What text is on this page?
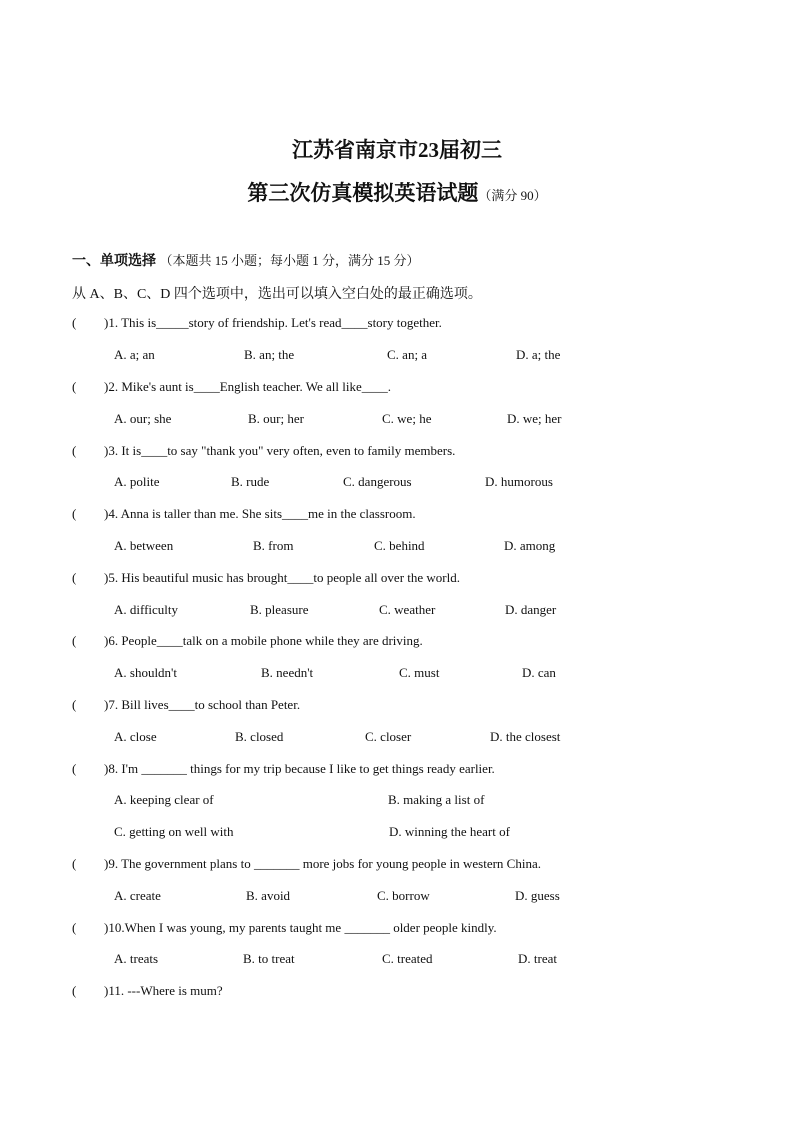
江苏省南京市23届初三
第三次仿真模拟英语试题（满分 90）
一、单项选择 （本题共 15 小题；每小题 1 分，满分 15 分）
从 A、B、C、D 四个选项中，选出可以填入空白处的最正确选项。
( )1. This is_____story of friendship. Let's read____story together.
A. a; an	B. an; the	C. an; a	D. a; the
( )2. Mike's aunt is____English teacher. We all like____.
A. our; she	B. our; her	C. we; he	D. we; her
( )3. It is____to say "thank you" very often, even to family members.
A. polite	B. rude	C. dangerous	D. humorous
( )4. Anna is taller than me. She sits____me in the classroom.
A. between	B. from	C. behind	D. among
( )5. His beautiful music has brought____to people all over the world.
A. difficulty	B. pleasure	C. weather	D. danger
( )6. People____talk on a mobile phone while they are driving.
A. shouldn't	B. needn't	C. must	D. can
( )7. Bill lives____to school than Peter.
A. close	B. closed	C. closer	D. the closest
( )8. I'm _______ things for my trip because I like to get things ready earlier.
A. keeping clear of	B. making a list of
C. getting on well with	D. winning the heart of
( )9. The government plans to _______ more jobs for young people in western China.
A. create	B. avoid	C. borrow	D. guess
( )10.When I was young, my parents taught me _______ older people kindly.
A. treats	B. to treat	C. treated	D. treat
( )11. ---Where is mum?
